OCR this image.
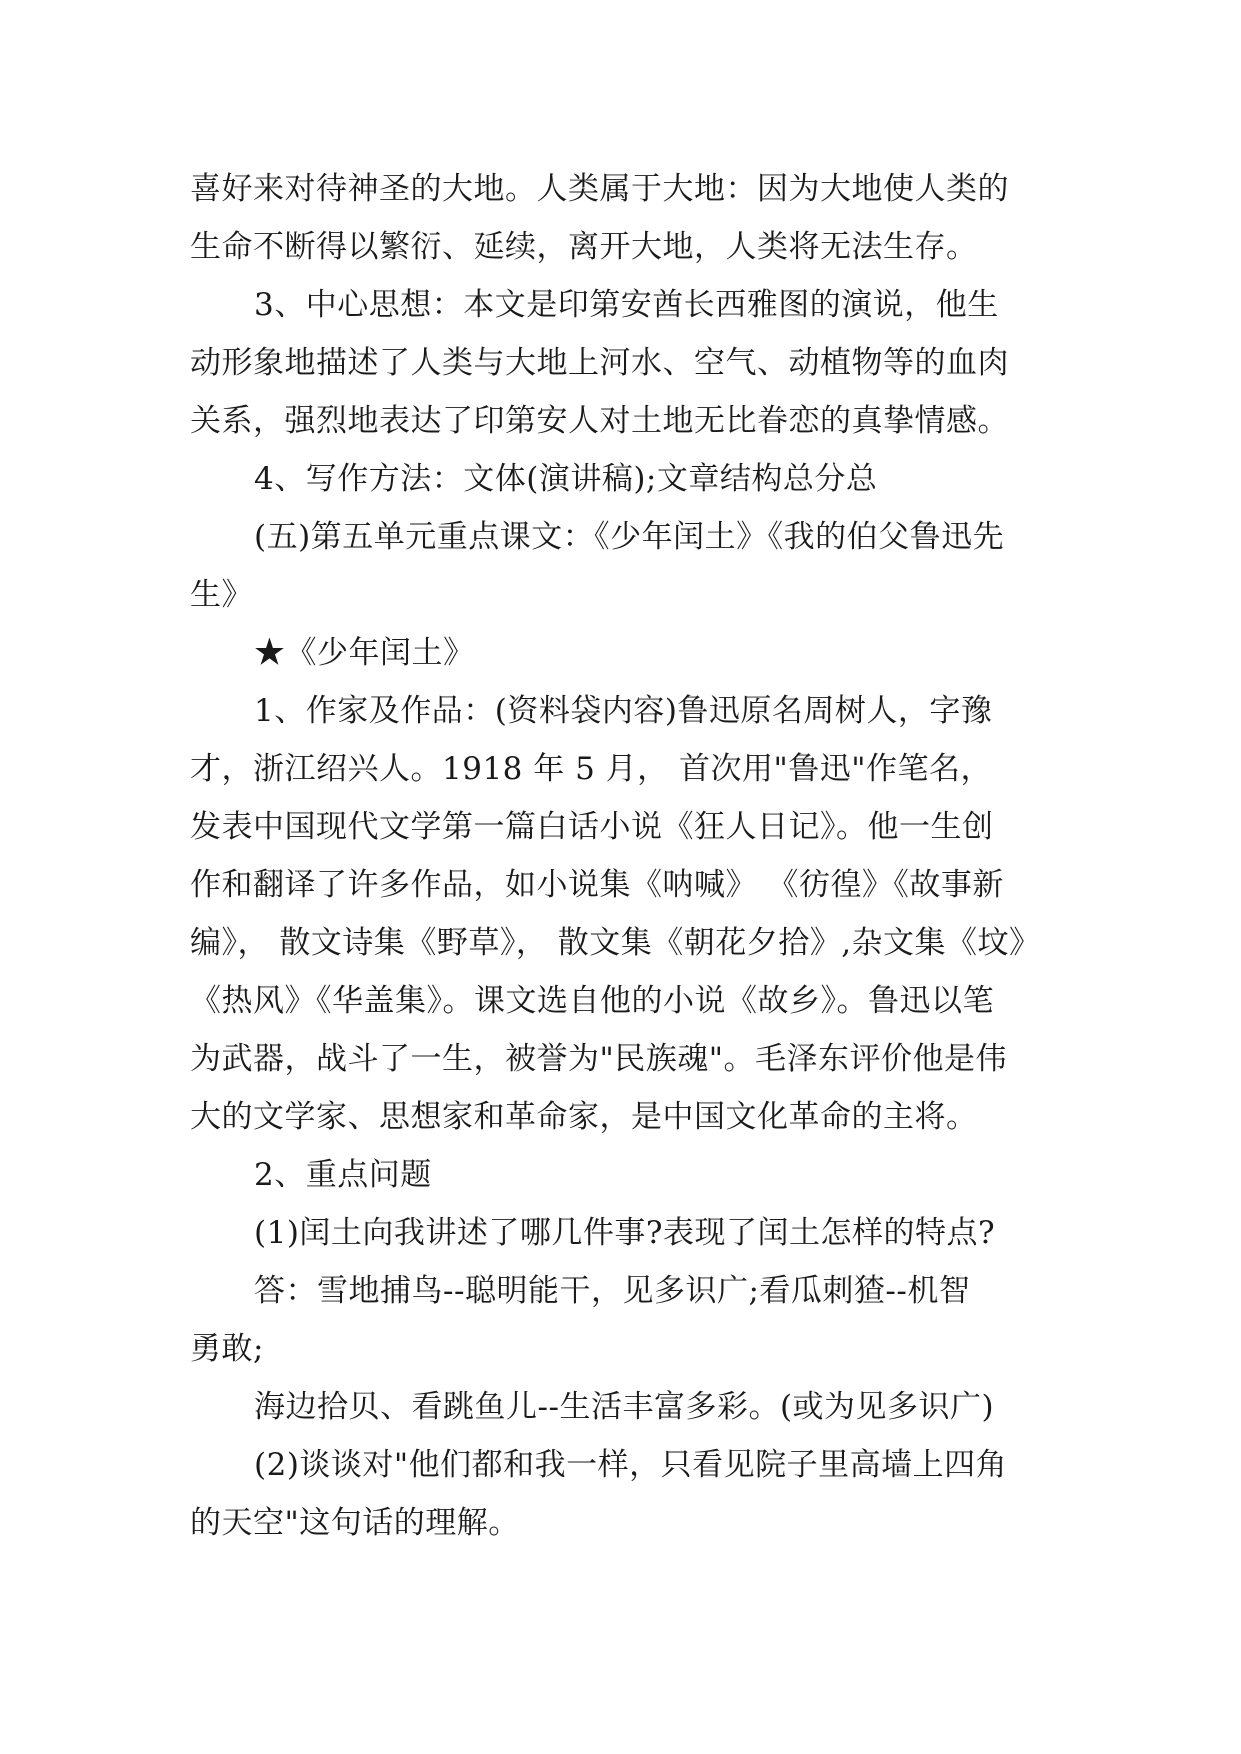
喜好来对待神圣的大地。人类属于大地：因为大地使人类的
生命不断得以繁衍、延续，离开大地，人类将无法生存。
3、中心思想：本文是印第安酋长西雅图的演说，他生
动形象地描述了人类与大地上河水、空气、动植物等的血肉
关系，强烈地表达了印第安人对土地无比眷恋的真挚情感。
4、写作方法：文体(演讲稿);文章结构总分总
(五)第五单元重点课文：《少年闰土》《我的伯父鲁迅先
生》
★《少年闰土》
1、作家及作品：(资料袋内容)鲁迅原名周树人，字豫
才，浙江绍兴人。1918 年 5 月， 首次用"鲁迅"作笔名，
发表中国现代文学第一篇白话小说《狂人日记》。他一生创
作和翻译了许多作品，如小说集《呐喊》 《彷徨》《故事新
编》， 散文诗集《野草》， 散文集《朝花夕拾》,杂文集《坟》
《热风》《华盖集》。课文选自他的小说《故乡》。鲁迅以笔
为武器，战斗了一生，被誉为"民族魂"。毛泽东评价他是伟
大的文学家、思想家和革命家，是中国文化革命的主将。
2、重点问题
(1)闰土向我讲述了哪几件事?表现了闰土怎样的特点?
答：雪地捕鸟--聪明能干，见多识广;看瓜刺猹--机智
勇敢;
海边拾贝、看跳鱼儿--生活丰富多彩。(或为见多识广)
(2)谈谈对"他们都和我一样，只看见院子里高墙上四角
的天空"这句话的理解。
